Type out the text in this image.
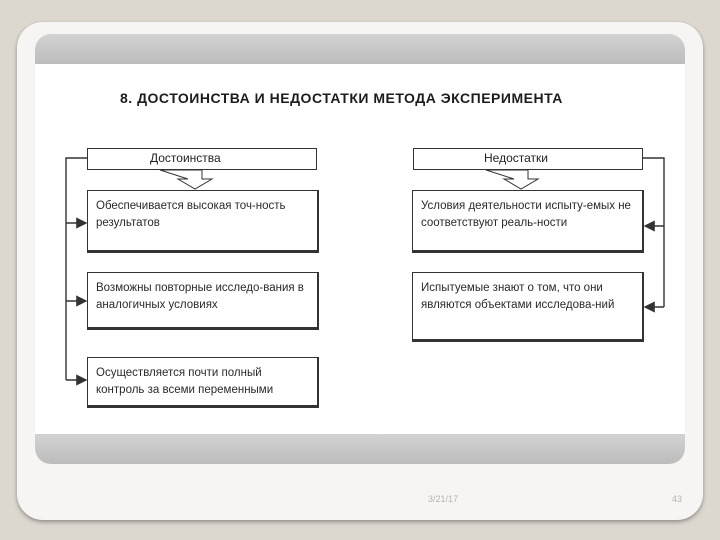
8. ДОСТОИНСТВА И НЕДОСТАТКИ МЕТОДА ЭКСПЕРИМЕНТА
Достоинства	Недостатки
Обеспечивается высокая точ-ность результатов
Возможны повторные исследо-вания в аналогичных условиях
Осуществляется почти полный контроль за всеми переменными
Условия деятельности испыту-емых не соответствуют реаль-ности
Испытуемые знают о том, что они являются объектами исследова-ний
3/21/17	43
